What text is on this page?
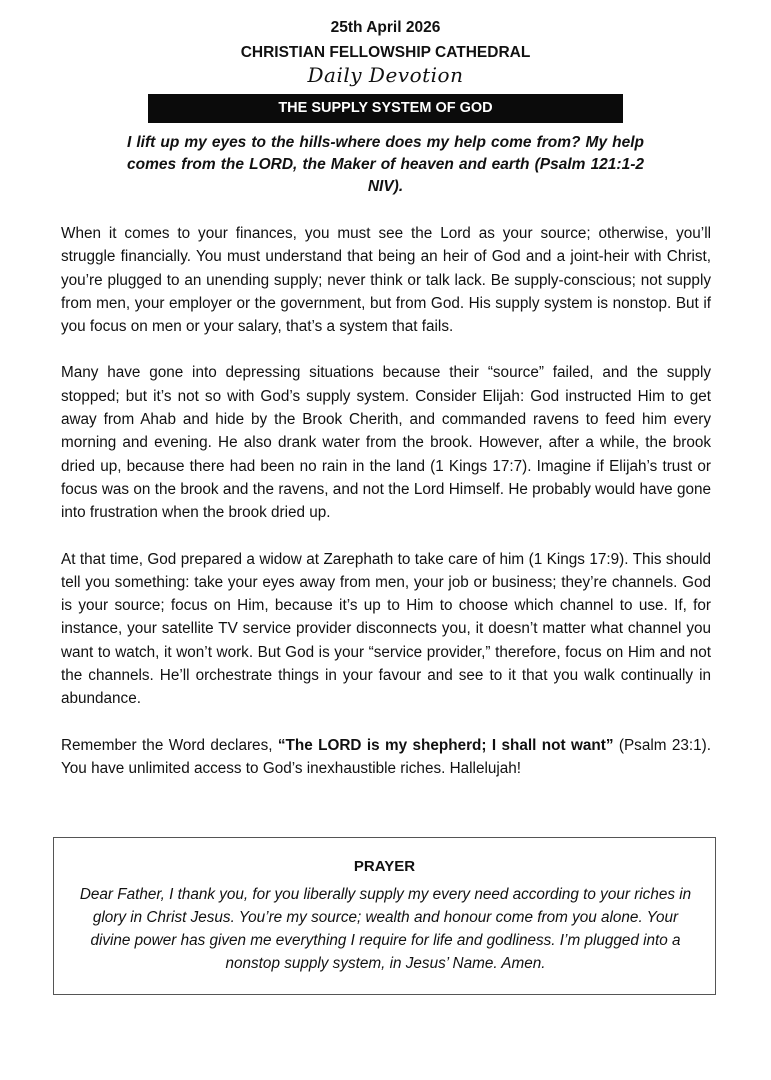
25th April 2026
CHRISTIAN FELLOWSHIP CATHEDRAL
Daily Devotion
THE SUPPLY SYSTEM OF GOD
I lift up my eyes to the hills-where does my help come from? My help comes from the LORD, the Maker of heaven and earth (Psalm 121:1-2 NIV).

When it comes to your finances, you must see the Lord as your source; otherwise, you’ll struggle financially. You must understand that being an heir of God and a joint-heir with Christ, you’re plugged to an unending supply; never think or talk lack. Be supply-conscious; not supply from men, your employer or the government, but from God. His supply system is nonstop. But if you focus on men or your salary, that’s a system that fails.

Many have gone into depressing situations because their “source” failed, and the supply stopped; but it’s not so with God’s supply system. Consider Elijah: God instructed Him to get away from Ahab and hide by the Brook Cherith, and commanded ravens to feed him every morning and evening. He also drank water from the brook. However, after a while, the brook dried up, because there had been no rain in the land (1 Kings 17:7). Imagine if Elijah’s trust or focus was on the brook and the ravens, and not the Lord Himself. He probably would have gone into frustration when the brook dried up.

At that time, God prepared a widow at Zarephath to take care of him (1 Kings 17:9). This should tell you something: take your eyes away from men, your job or business; they’re channels. God is your source; focus on Him, because it’s up to Him to choose which channel to use. If, for instance, your satellite TV service provider disconnects you, it doesn’t matter what channel you want to watch, it won’t work. But God is your “service provider,” therefore, focus on Him and not the channels. He’ll orchestrate things in your favour and see to it that you walk continually in abundance.

Remember the Word declares, “The LORD is my shepherd; I shall not want” (Psalm 23:1). You have unlimited access to God’s inexhaustible riches. Hallelujah!

PRAYER
Dear Father, I thank you, for you liberally supply my every need according to your riches in glory in Christ Jesus. You’re my source; wealth and honour come from you alone. Your divine power has given me everything I require for life and godliness. I’m plugged into a nonstop supply system, in Jesus’ Name. Amen.
